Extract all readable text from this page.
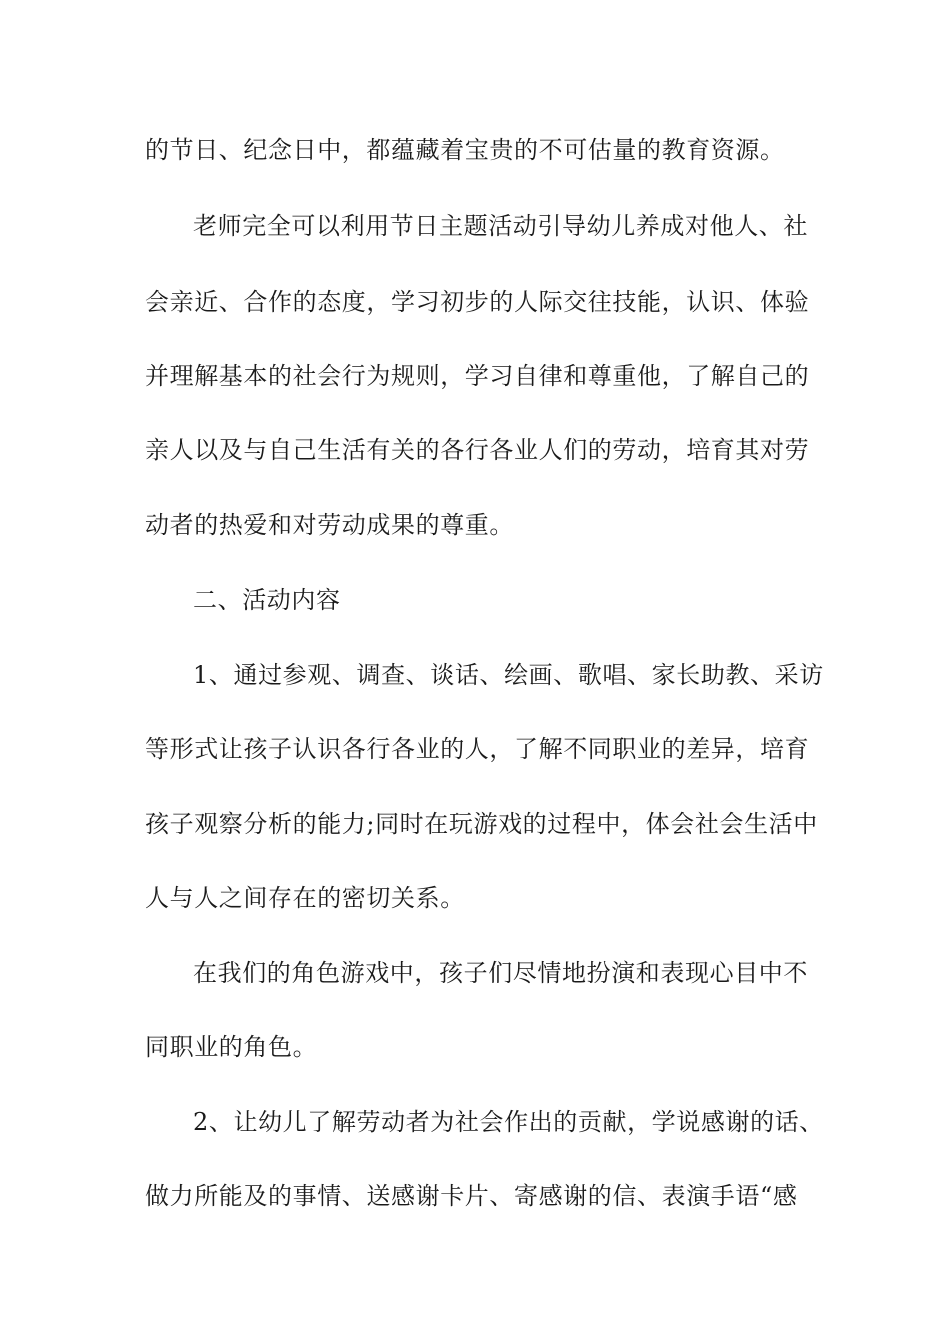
的节日、纪念日中，都蕴藏着宝贵的不可估量的教育资源。
老师完全可以利用节日主题活动引导幼儿养成对他人、社
会亲近、合作的态度，学习初步的人际交往技能，认识、体验
并理解基本的社会行为规则，学习自律和尊重他，了解自己的
亲人以及与自己生活有关的各行各业人们的劳动，培育其对劳
动者的热爱和对劳动成果的尊重。
二、活动内容
1、通过参观、调查、谈话、绘画、歌唱、家长助教、采访
等形式让孩子认识各行各业的人，了解不同职业的差异，培育
孩子观察分析的能力;同时在玩游戏的过程中，体会社会生活中
人与人之间存在的密切关系。
在我们的角色游戏中，孩子们尽情地扮演和表现心目中不
同职业的角色。
2、让幼儿了解劳动者为社会作出的贡献，学说感谢的话、
做力所能及的事情、送感谢卡片、寄感谢的信、表演手语“感
